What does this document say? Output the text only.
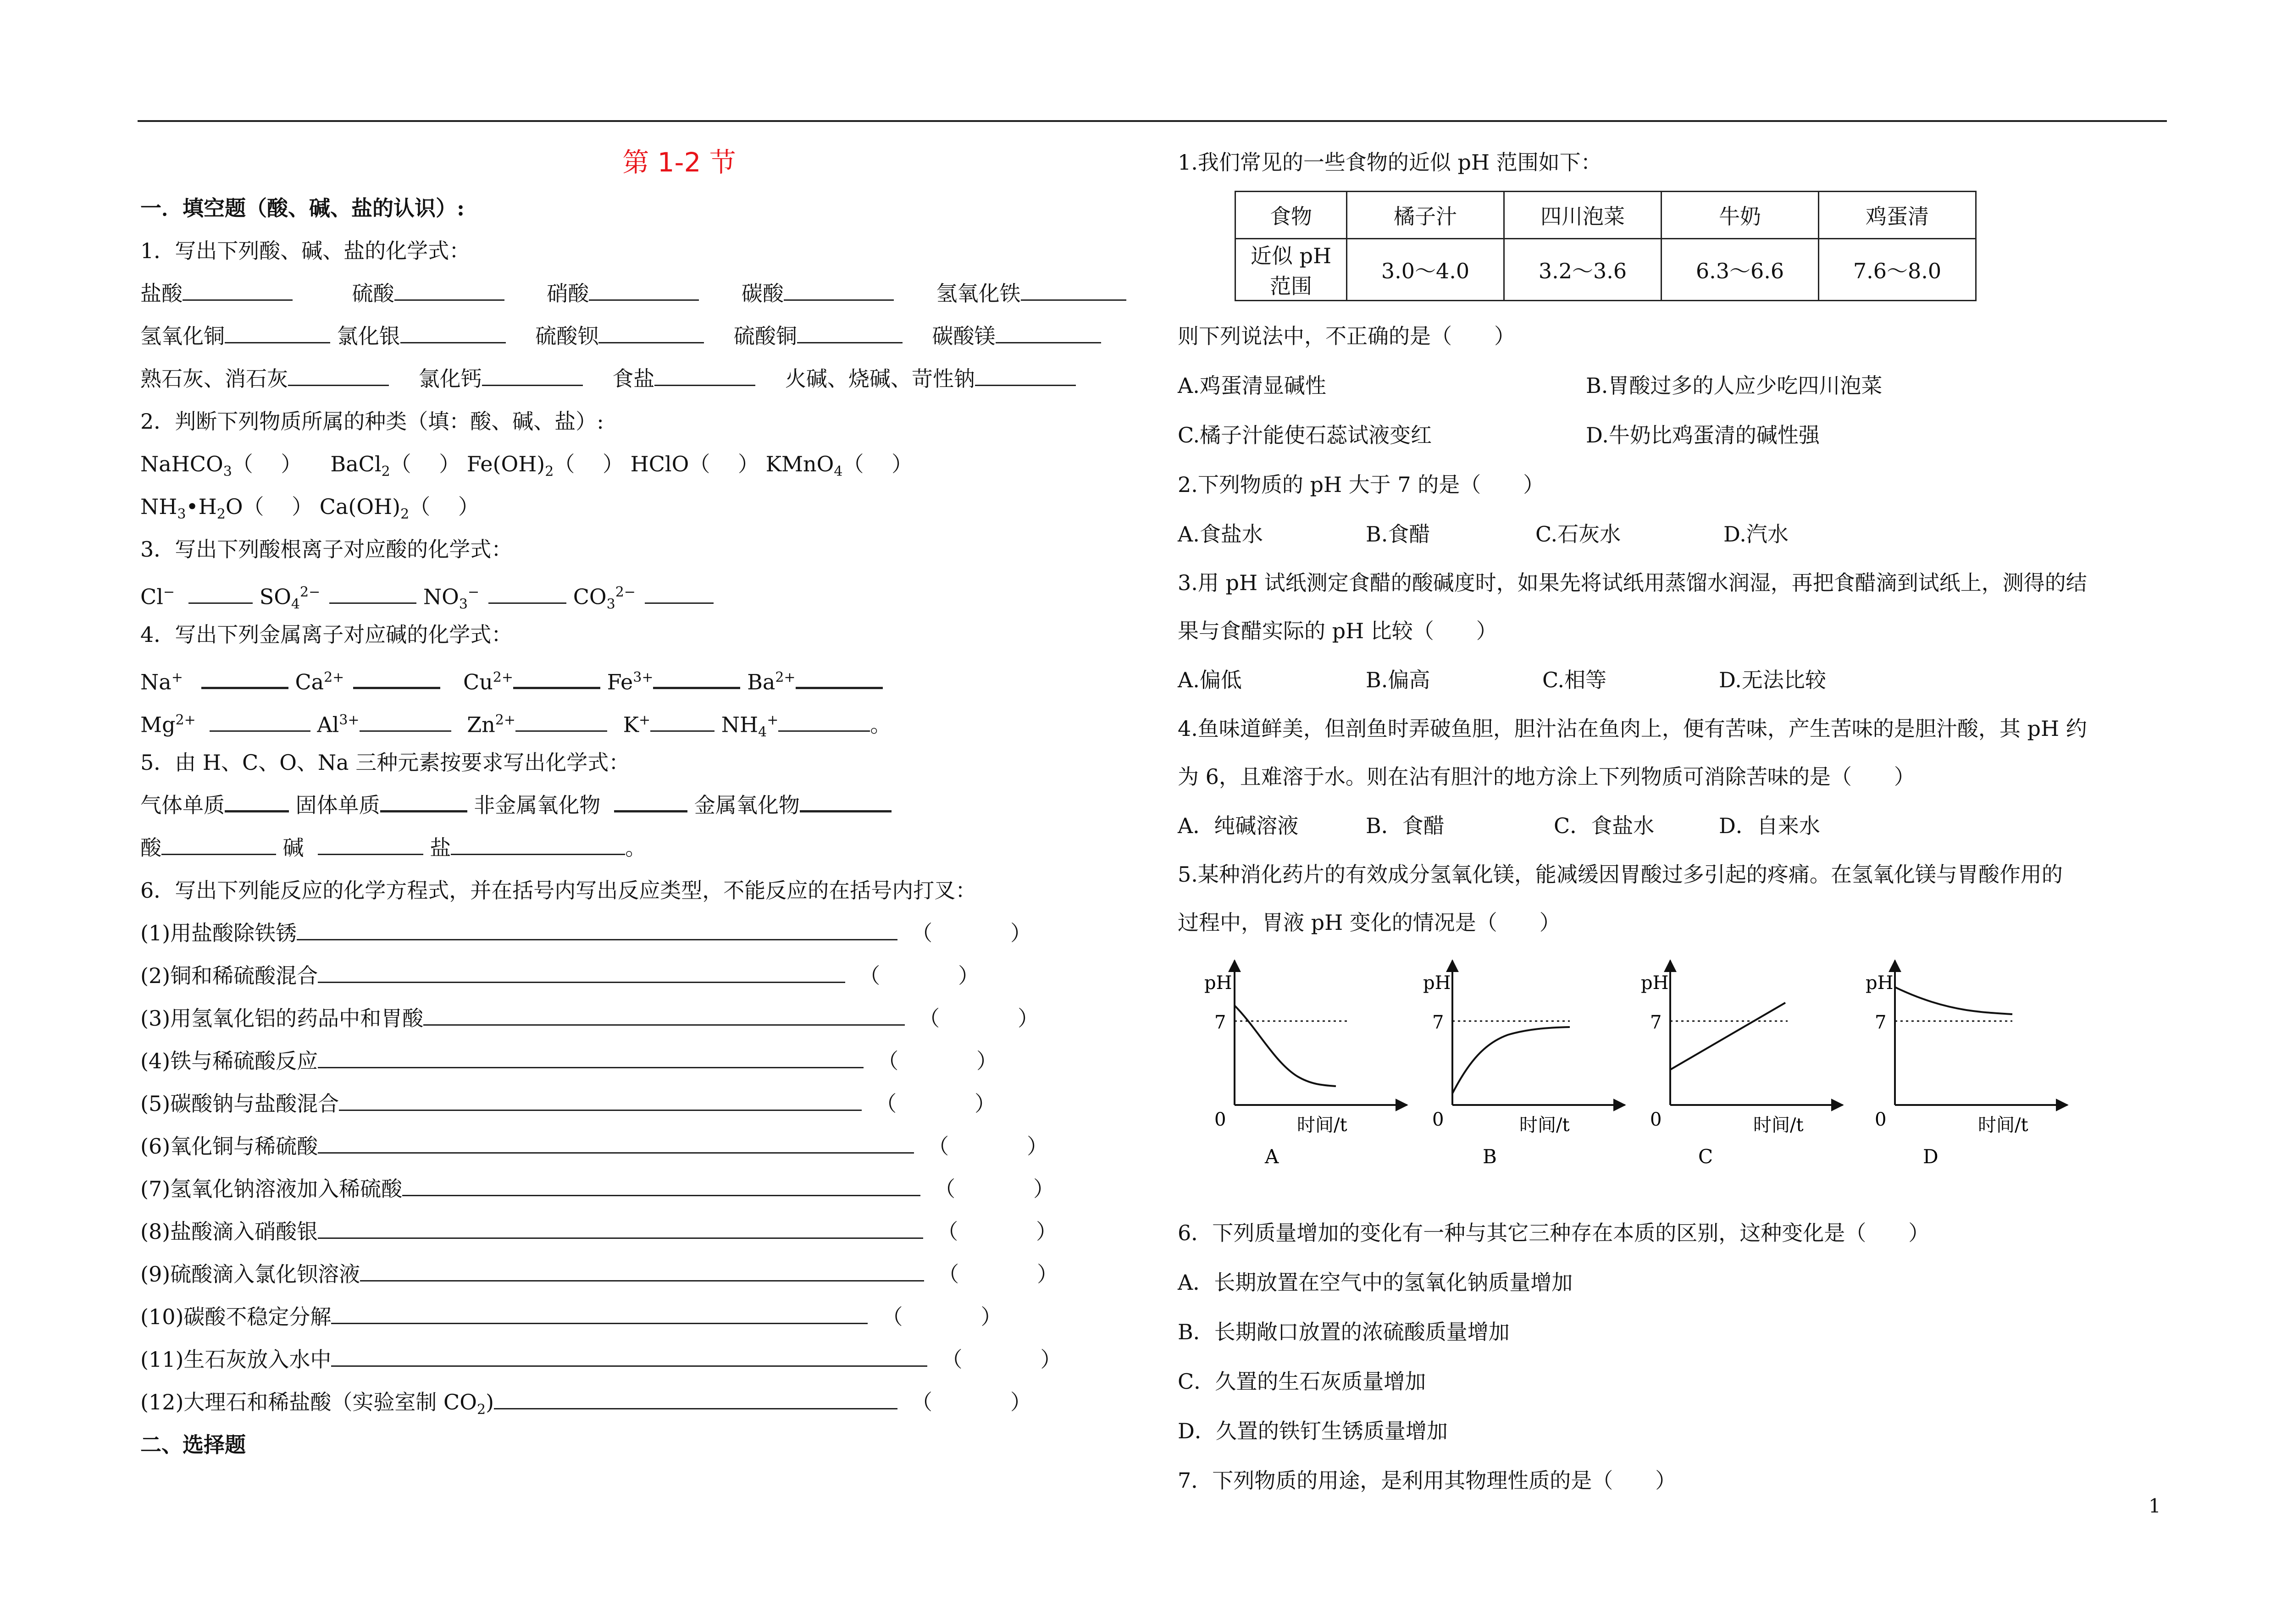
第 1-2 节
一．填空题（酸、碱、盐的认识）:
1．写出下列酸、碱、盐的化学式：
盐酸	硫酸	硝酸	碳酸	氢氧化铁
氢氧化铜	氯化银	硫酸钡	硫酸铜	碳酸镁
熟石灰、消石灰	氯化钙	食盐	火碱、烧碱、苛性钠
2．判断下列物质所属的种类（填：酸、碱、盐）:
NaHCO$_3$（　 ） BaCl$_2$（　 ） $Fe(OH)_2$（　 ） HClO（　 ） KMnO$_4$（　 ）
$NH_3•H_2O$（　 ） $Ca(OH)_2$（　 ）
3．写出下列酸根离子对应酸的化学式：
Cl−	$SO_4^{2-}$	$NO_3^-$	$CO_3^{2-}$
4．写出下列金属离子对应碱的化学式：
Na+	$Ca^{2+}$	$Cu^{2+}$	$Fe^{3+}$	$Ba^{2+}$
$Mg^{2+}$	$Al^{3+}$	$Zn^{2+}$	K+	$NH_4^+$	。
5．由 H、C、O、Na 三种元素按要求写出化学式：
气体单质	固体单质	非金属氧化物	金属氧化物
酸	碱	盐	。
6．写出下列能反应的化学方程式，并在括号内写出反应类型，不能反应的在括号内打叉：
(1)用盐酸除铁锈	（	）
(2)铜和稀硫酸混合	（	）
(3)用氢氧化铝的药品中和胃酸	（	）
(4)铁与稀硫酸反应	（	）
(5)碳酸钠与盐酸混合	（	）
(6)氧化铜与稀硫酸	（	）
(7)氢氧化钠溶液加入稀硫酸	（	）
(8)盐酸滴入硝酸银	（	）
(9)硫酸滴入氯化钡溶液	（	）
(10)碳酸不稳定分解	（	）
(11)生石灰放入水中	（	）
(12)大理石和稀盐酸（实验室制 $CO_2$)	（	）
二、选择题
1.我们常见的一些食物的近似 pH 范围如下：
食物	橘子汁	四川泡菜	牛奶	鸡蛋清
近似 pH 范围	3.0～4.0	3.2～3.6	6.3～6.6	7.6～8.0
则下列说法中，不正确的是（　　）
A.鸡蛋清显碱性	B.胃酸过多的人应少吃四川泡菜
C.橘子汁能使石蕊试液变红	D.牛奶比鸡蛋清的碱性强
2.下列物质的 pH 大于 7 的是（　　）
A.食盐水	B.食醋	C.石灰水	D.汽水
3.用 pH 试纸测定食醋的酸碱度时，如果先将试纸用蒸馏水润湿，再把食醋滴到试纸上，测得的结
果与食醋实际的 pH 比较（　　）
A.偏低	B.偏高	C.相等	D.无法比较
4.鱼味道鲜美，但剖鱼时弄破鱼胆，胆汁沾在鱼肉上，便有苦味，产生苦味的是胆汁酸，其 pH 约
为 6，且难溶于水。则在沾有胆汁的地方涂上下列物质可消除苦味的是（　　）
A．纯碱溶液	B．食醋	C．食盐水	D．自来水
5.某种消化药片的有效成分氢氧化镁，能减缓因胃酸过多引起的疼痛。在氢氧化镁与胃酸作用的
过程中，胃液 pH 变化的情况是（　　）
pH
7
0	时间/t
A
pH
7
0	时间/t
B
pH
7
0	时间/t
C
pH
7
0	时间/t
D
6．下列质量增加的变化有一种与其它三种存在本质的区别，这种变化是（　　）
A．长期放置在空气中的氢氧化钠质量增加
B．长期敞口放置的浓硫酸质量增加
C．久置的生石灰质量增加
D．久置的铁钉生锈质量增加
7．下列物质的用途，是利用其物理性质的是（　　）
1
